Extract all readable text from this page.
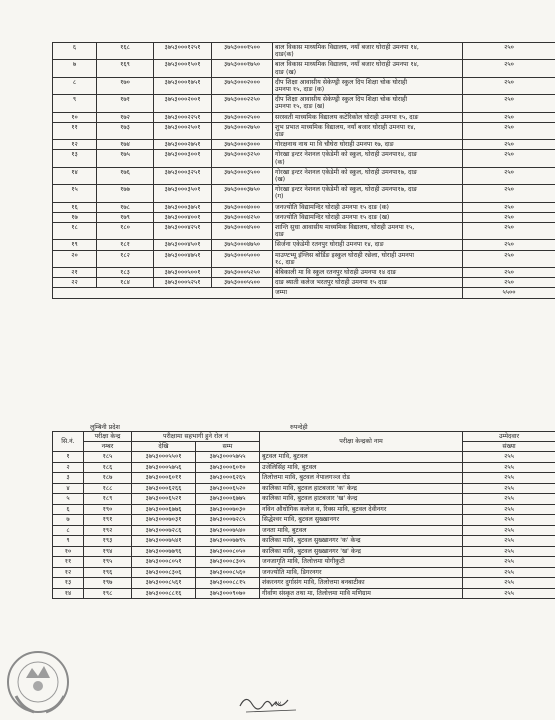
६	१६८	३७५३०००१२५१	३७५३०००१५००	बाल विकास माध्यमिक विद्यालय, नयाँ बजार घोराही उमनपा १४,
दाङ(क)	२५०
७	१६९	३७५३०००१५०१	३७५३०००१७५०	बाल विकास माध्यमिक विद्यालय, नयाँ बजार घोराही उमनपा १४,
दाङ (ख)	२५०
८	१७०	३७५३०००१७५१	३७५३०००२०००	दीप शिक्षा आवासीय सेकेण्ड्री स्कुल दिप शिक्षा चोक घोराही
उमनपा १५, दाङ (क)	२५०
९	१७१	३७५३०००२००१	३७५३०००२२५०	दीप शिक्षा आवासीय सेकेण्ड्री स्कुल दिप शिक्षा चोक घोराही
उमनपा १५, दाङ (ख)	२५०
१०	१७२	३७५३०००२२५१	३७५३०००२५००	सरस्वती माध्यमिक विद्यालय कटेरिकोल घोराही उमनपा १५, दाङ	२५०
११	१७३	३७५३०००२५०१	३७५३०००२७५०	शुभ प्रभात माध्यमिक विद्यालय, नयाँ बजार घोराही उमनपा १४,
दाङ	२५०
१२	१७४	३७५३०००२७५१	३७५३०००३०००	गोरक्षनाथ नाथ मा वि चौघेरा घोराही उमनपा १७, दाङ	२५०
१३	१७५	३७५३०००३००१	३७५३०००३२५०	गोरखा इन्टर नेशनल एकेडेमी को स्कुल, घोराही उमनपा१४, दाङ
(क)	२५०
१४	१७६	३७५३०००३२५१	३७५३०००३५००	गोरखा इन्टर नेशनल एकेडेमी को स्कुल, घोराही उमनपा१७, दाङ
(ख)	२५०
१५	१७७	३७५३०००३५०१	३७५३०००३७५०	गोरखा इन्टर नेशनल एकेडेमी को स्कुल, घोराही उमनपा१७, दाङ
(ग)	२५०
१६	१७८	३७५३०००३७५१	३७५३०००४०००	जनज्योति विद्यामन्दिर घोराही उमनपा १५ दाङ (क)	२५०
१७	१७९	३७५३०००४००१	३७५३०००४२५०	जनज्योति विद्यामन्दिर घोराही उमनपा १५ दाङ (ख)	२५०
१८	१८०	३७५३०००४२५१	३७५३०००४५००	शान्ति सुधा आवासीय माध्यमिक विद्यालय, घोराही उमनपा १५,
दाङ	२५०
१९	१८१	३७५३०००४५०१	३७५३०००४७५०	सिर्जना एकेडेमी रतनपुर घोराही उमनपा १४, दाङ	२५०
२०	१८२	३७५३०००४७५१	३७५३०००५०००	माउण्टभ्यू इंग्लिस बोर्डिङ इस्कुल घोराही रछेला, घोराही उमनपा
१८, दाङ	२५०
२१	१८३	३७५३०००५००१	३७५३०००५२५०	बेबिकाली मा वि स्कुल रतनपुर घोराही उमनपा १४ दाङ	२५०
२२	१८४	३७५३०००५२५१	३७५३०००५५००	दाङ ब्याती कलेज भरतपुर घोराही उमनपा १५ दाङ	२५०
				जम्मा	५५००
लुम्बिनी प्रदेश	रुपन्देही
सि.नं.	परीक्षा केन्द्र	परीक्षामा सहभागी हुने रोल नं		परीक्षा केन्द्रको नाम	उम्मेदवार
	नम्बर	देखि	सम्म		संख्या
१	१८५	३७५३०००५५०१	३७५३०००५७५५	बुटवल मावि, बुटवल	२५५
२	१८६	३७५३०००५७५६	३७५३०००६०१०	उजेलिसिंह मावि, बुटवल	२५५
३	१८७	३७५३०००६०११	३७५३०००६२६५	तिलोत्तमा मावि, बुटवल नेपालगञ्ज रोड	२५५
४	१८८	३७५३०००६२६६	३७५३०००६५२०	कालिका मावि, बुटवल हाटबजार 'क' केन्द्र	२५५
५	१८९	३७५३०००६५२१	३७५३०००६७७५	कालिका मावि, बुटवल हाटबजार 'ख' केन्द्र	२५५
६	१९०	३७५३०००६७७६	३७५३०००७०३०	नविन औधोगिक कलेज व, रिक्स मावि, बुटवल देवीनगर	२५५
७	१९१	३७५३०००७०३१	३७५३०००७२८५	सिद्धेश्वर मावि, बुटवल सुख्खानगर	२५५
८	१९२	३७५३०००७२८६	३७५३०००७५४०	जनता मावि, बुटवल	२५५
९	१९३	३७५३०००७५४१	३७५३०००७७९५	कालिका मावि, बुटवल सुख्खानगर 'क' केन्द्र	२५५
१०	१९४	३७५३०००७७९६	३७५३०००८०५०	कालिका मावि, बुटवल सुख्खानगर 'ख' केन्द्र	२५५
११	१९५	३७५३०००८०५१	३७५३०००८३०५	जनजागृति मावि, तिलोत्तमा योगीकुटी	२५५
१२	१९६	३७५३०००८३०६	३७५३०००८५६०	जनज्योति मावि, डिगरनगर	२५५
१३	१९७	३७५३०००८५६१	३७५३०००८८१५	शंकरनगर दुर्गासंग मावि, तिलोत्तमा बनबाटीका	२५५
१४	१९८	३७५३०००८८१६	३७५३०००९०७०	गीर्वाण संस्कृत तथा मा, तिलोत्तमा मावि मणिग्राम	२५५
१४
